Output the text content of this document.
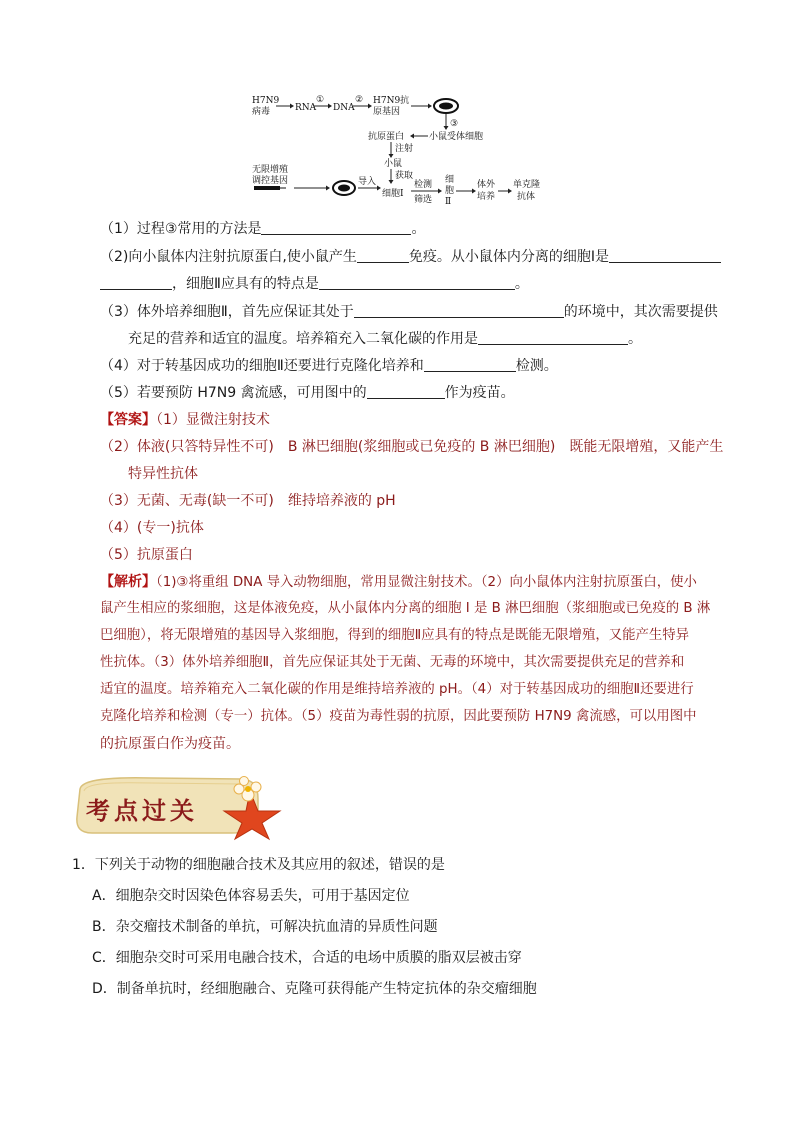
H7N9
病毒	RNA
①
DNA
② H7N9抗
原基因
③
抗原蛋白	小鼠受体细胞
注射
小鼠
获取
无限增殖
调控基因	导入
细胞Ⅰ
检测
筛选
细
胞
Ⅱ
体外
培养
单克隆
抗体
（1）过程③常用的方法是	。
（2)向小鼠体内注射抗原蛋白,使小鼠产生	免疫。从小鼠体内分离的细胞Ⅰ是
，细胞Ⅱ应具有的特点是	。
（3）体外培养细胞Ⅱ，首先应保证其处于	的环境中，其次需要提供
充足的营养和适宜的温度。培养箱充入二氧化碳的作用是	。
（4）对于转基因成功的细胞Ⅱ还要进行克隆化培养和	检测。
（5）若要预防 H7N9 禽流感，可用图中的	作为疫苗。
【答案】（1）显微注射技术
（2）体液(只答特异性不可) B 淋巴细胞(浆细胞或已免疫的 B 淋巴细胞) 既能无限增殖，又能产生
特异性抗体
（3）无菌、无毒(缺一不可) 维持培养液的 pH
（4）(专一)抗体
（5）抗原蛋白
【解析】（1)③将重组 DNA 导入动物细胞，常用显微注射技术。（2）向小鼠体内注射抗原蛋白，使小
鼠产生相应的浆细胞，这是体液免疫，从小鼠体内分离的细胞 I 是 B 淋巴细胞（浆细胞或已免疫的 B 淋
巴细胞），将无限增殖的基因导入浆细胞，得到的细胞Ⅱ应具有的特点是既能无限增殖，又能产生特异
性抗体。（3）体外培养细胞Ⅱ，首先应保证其处于无菌、无毒的环境中，其次需要提供充足的营养和
适宜的温度。培养箱充入二氧化碳的作用是维持培养液的 pH。（4）对于转基因成功的细胞Ⅱ还要进行
克隆化培养和检测（专一）抗体。（5）疫苗为毒性弱的抗原，因此要预防 H7N9 禽流感，可以用图中
的抗原蛋白作为疫苗。
考点过关
1．下列关于动物的细胞融合技术及其应用的叙述，错误的是
A．细胞杂交时因染色体容易丢失，可用于基因定位
B．杂交瘤技术制备的单抗，可解决抗血清的异质性问题
C．细胞杂交时可采用电融合技术，合适的电场中质膜的脂双层被击穿
D．制备单抗时，经细胞融合、克隆可获得能产生特定抗体的杂交瘤细胞
